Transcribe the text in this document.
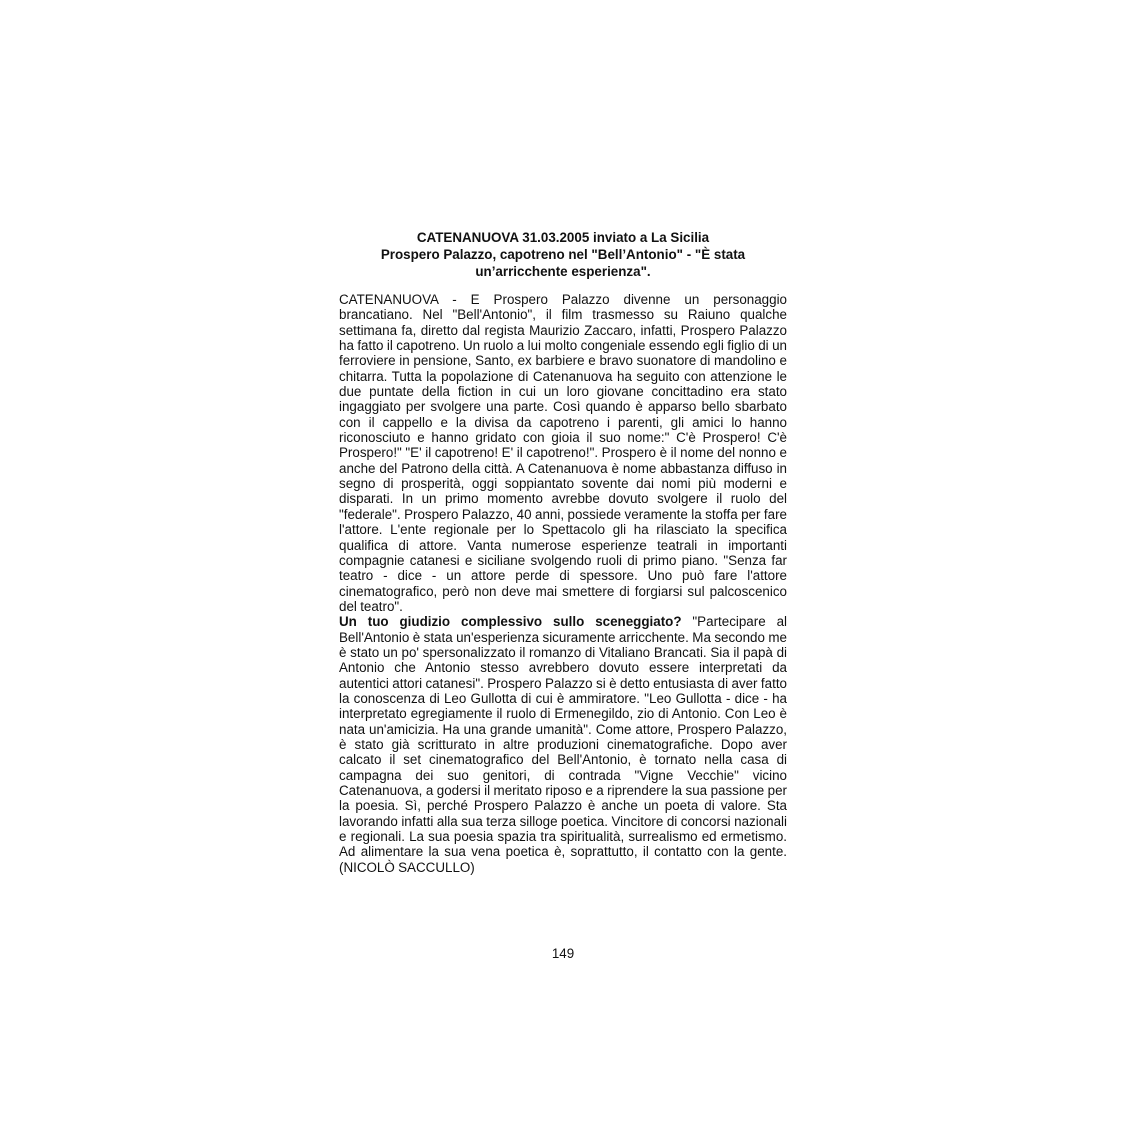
CATENANUOVA 31.03.2005 inviato a La Sicilia
Prospero Palazzo, capotreno nel "Bell’Antonio" - "È stata
un’arricchente esperienza".

CATENANUOVA - E Prospero Palazzo divenne un personaggio brancatiano. Nel "Bell'Antonio", il film trasmesso su Raiuno qualche settimana fa, diretto dal regista Maurizio Zaccaro, infatti, Prospero Palazzo ha fatto il capotreno. Un ruolo a lui molto congeniale essendo egli figlio di un ferroviere in pensione, Santo, ex barbiere e bravo suonatore di mandolino e chitarra. Tutta la popolazione di Catenanuova ha seguito con attenzione le due puntate della fiction in cui un loro giovane concittadino era stato ingaggiato per svolgere una parte. Così quando è apparso bello sbarbato con il cappello e la divisa da capotreno i parenti, gli amici lo hanno riconosciuto e hanno gridato con gioia il suo nome:" C'è Prospero! C'è Prospero!" "E' il capotreno! E' il capotreno!". Prospero è il nome del nonno e anche del Patrono della città. A Catenanuova è nome abbastanza diffuso in segno di prosperità, oggi soppiantato sovente dai nomi più moderni e disparati. In un primo momento avrebbe dovuto svolgere il ruolo del "federale". Prospero Palazzo, 40 anni, possiede veramente la stoffa per fare l'attore. L'ente regionale per lo Spettacolo gli ha rilasciato la specifica qualifica di attore. Vanta numerose esperienze teatrali in importanti compagnie catanesi e siciliane svolgendo ruoli di primo piano. "Senza far teatro - dice - un attore perde di spessore. Uno può fare l'attore cinematografico, però non deve mai smettere di forgiarsi sul palcoscenico del teatro".

Un tuo giudizio complessivo sullo sceneggiato? "Partecipare al Bell'Antonio è stata un'esperienza sicuramente arricchente. Ma secondo me è stato un po' spersonalizzato il romanzo di Vitaliano Brancati. Sia il papà di Antonio che Antonio stesso avrebbero dovuto essere interpretati da autentici attori catanesi". Prospero Palazzo si è detto entusiasta di aver fatto la conoscenza di Leo Gullotta di cui è ammiratore. "Leo Gullotta - dice - ha interpretato egregiamente il ruolo di Ermenegildo, zio di Antonio. Con Leo è nata un'amicizia. Ha una grande umanità". Come attore, Prospero Palazzo, è stato già scritturato in altre produzioni cinematografiche. Dopo aver calcato il set cinematografico del Bell'Antonio, è tornato nella casa di campagna dei suo genitori, di contrada "Vigne Vecchie" vicino Catenanuova, a godersi il meritato riposo e a riprendere la sua passione per la poesia. Sì, perché Prospero Palazzo è anche un poeta di valore. Sta lavorando infatti alla sua terza silloge poetica. Vincitore di concorsi nazionali e regionali. La sua poesia spazia tra spiritualità, surrealismo ed ermetismo. Ad alimentare la sua vena poetica è, soprattutto, il contatto con la gente. (NICOLÒ SACCULLO)

149
